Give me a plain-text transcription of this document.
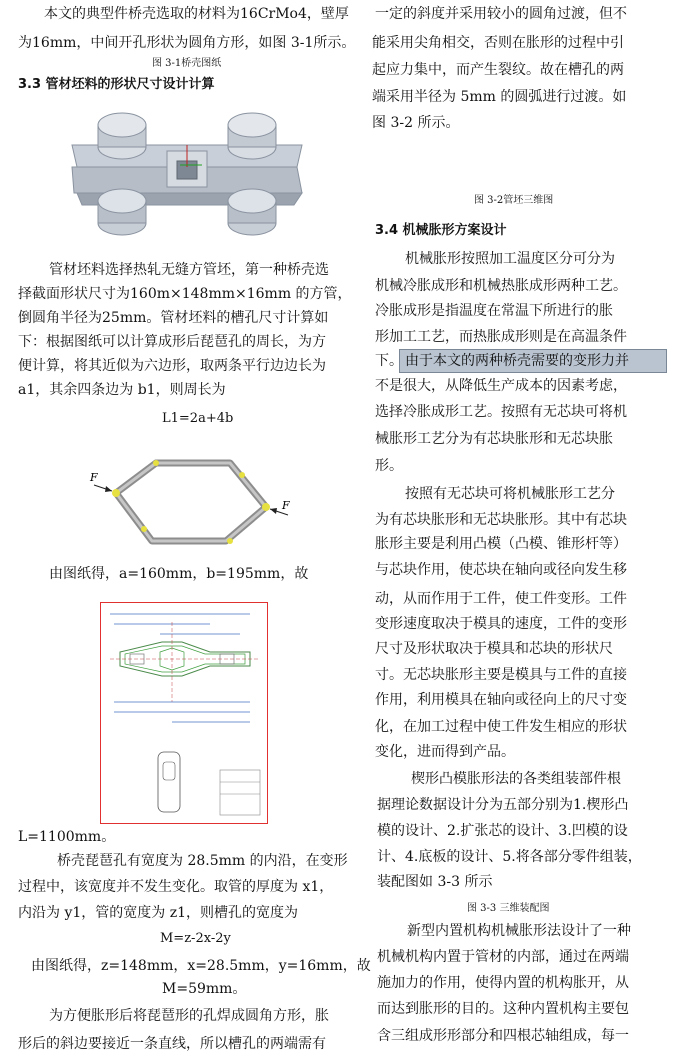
本文的典型件桥壳选取的材料为16CrMo4，壁厚
为16mm，中间开孔形状为圆角方形，如图 3-1所示。
图 3-1桥壳图纸
3.3 管材坯料的形状尺寸设计计算
管材坯料选择热轧无缝方管坯，第一种桥壳选
择截面形状尺寸为160m×148mm×16mm 的方管，
倒圆角半径为25mm。管材坯料的槽孔尺寸计算如
下：根据图纸可以计算成形后琵琶孔的周长，为方
便计算，将其近似为六边形，取两条平行边边长为
a1，其余四条边为 b1，则周长为
L1=2a+4b
F
F
由图纸得，a=160mm，b=195mm，故
L=1100mm。
桥壳琵琶孔有宽度为 28.5mm 的内沿，在变形
过程中，该宽度并不发生变化。取管的厚度为 x1，
内沿为 y1，管的宽度为 z1，则槽孔的宽度为
M=z-2x-2y
由图纸得，z=148mm，x=28.5mm，y=16mm，故
M=59mm。
为方便胀形后将琵琶形的孔焊成圆角方形，胀
形后的斜边要接近一条直线，所以槽孔的两端需有
一定的斜度并采用较小的圆角过渡，但不
能采用尖角相交，否则在胀形的过程中引
起应力集中，而产生裂纹。故在槽孔的两
端采用半径为 5mm 的圆弧进行过渡。如
图 3-2 所示。
图 3-2管坯三维图
3.4 机械胀形方案设计
机械胀形按照加工温度区分可分为
机械冷胀成形和机械热胀成形两种工艺。
冷胀成形是指温度在常温下所进行的胀
形加工工艺，而热胀成形则是在高温条件
下。 由于本文的两种桥壳需要的变形力并
不是很大，从降低生产成本的因素考虑，
选择冷胀成形工艺。按照有无芯块可将机
械胀形工艺分为有芯块胀形和无芯块胀
形。
按照有无芯块可将机械胀形工艺分
为有芯块胀形和无芯块胀形。其中有芯块
胀形主要是利用凸模（凸模、锥形杆等）
与芯块作用，使芯块在轴向或径向发生移
动，从而作用于工件，使工件变形。工件
变形速度取决于模具的速度，工件的变形
尺寸及形状取决于模具和芯块的形状尺
寸。无芯块胀形主要是模具与工件的直接
作用，利用模具在轴向或径向上的尺寸变
化，在加工过程中使工件发生相应的形状
变化，进而得到产品。
楔形凸模胀形法的各类组装部件根
据理论数据设计分为五部分别为1.楔形凸
模的设计、2.扩张芯的设计、3.凹模的设
计、4.底板的设计、5.将各部分零件组装，
装配图如 3-3 所示
图 3-3 三维装配图
新型内置机构机械胀形法设计了一种
机械机构内置于管材的内部，通过在两端
施加力的作用，使得内置的机构胀开，从
而达到胀形的目的。这种内置机构主要包
含三组成形形部分和四根芯轴组成，每一
